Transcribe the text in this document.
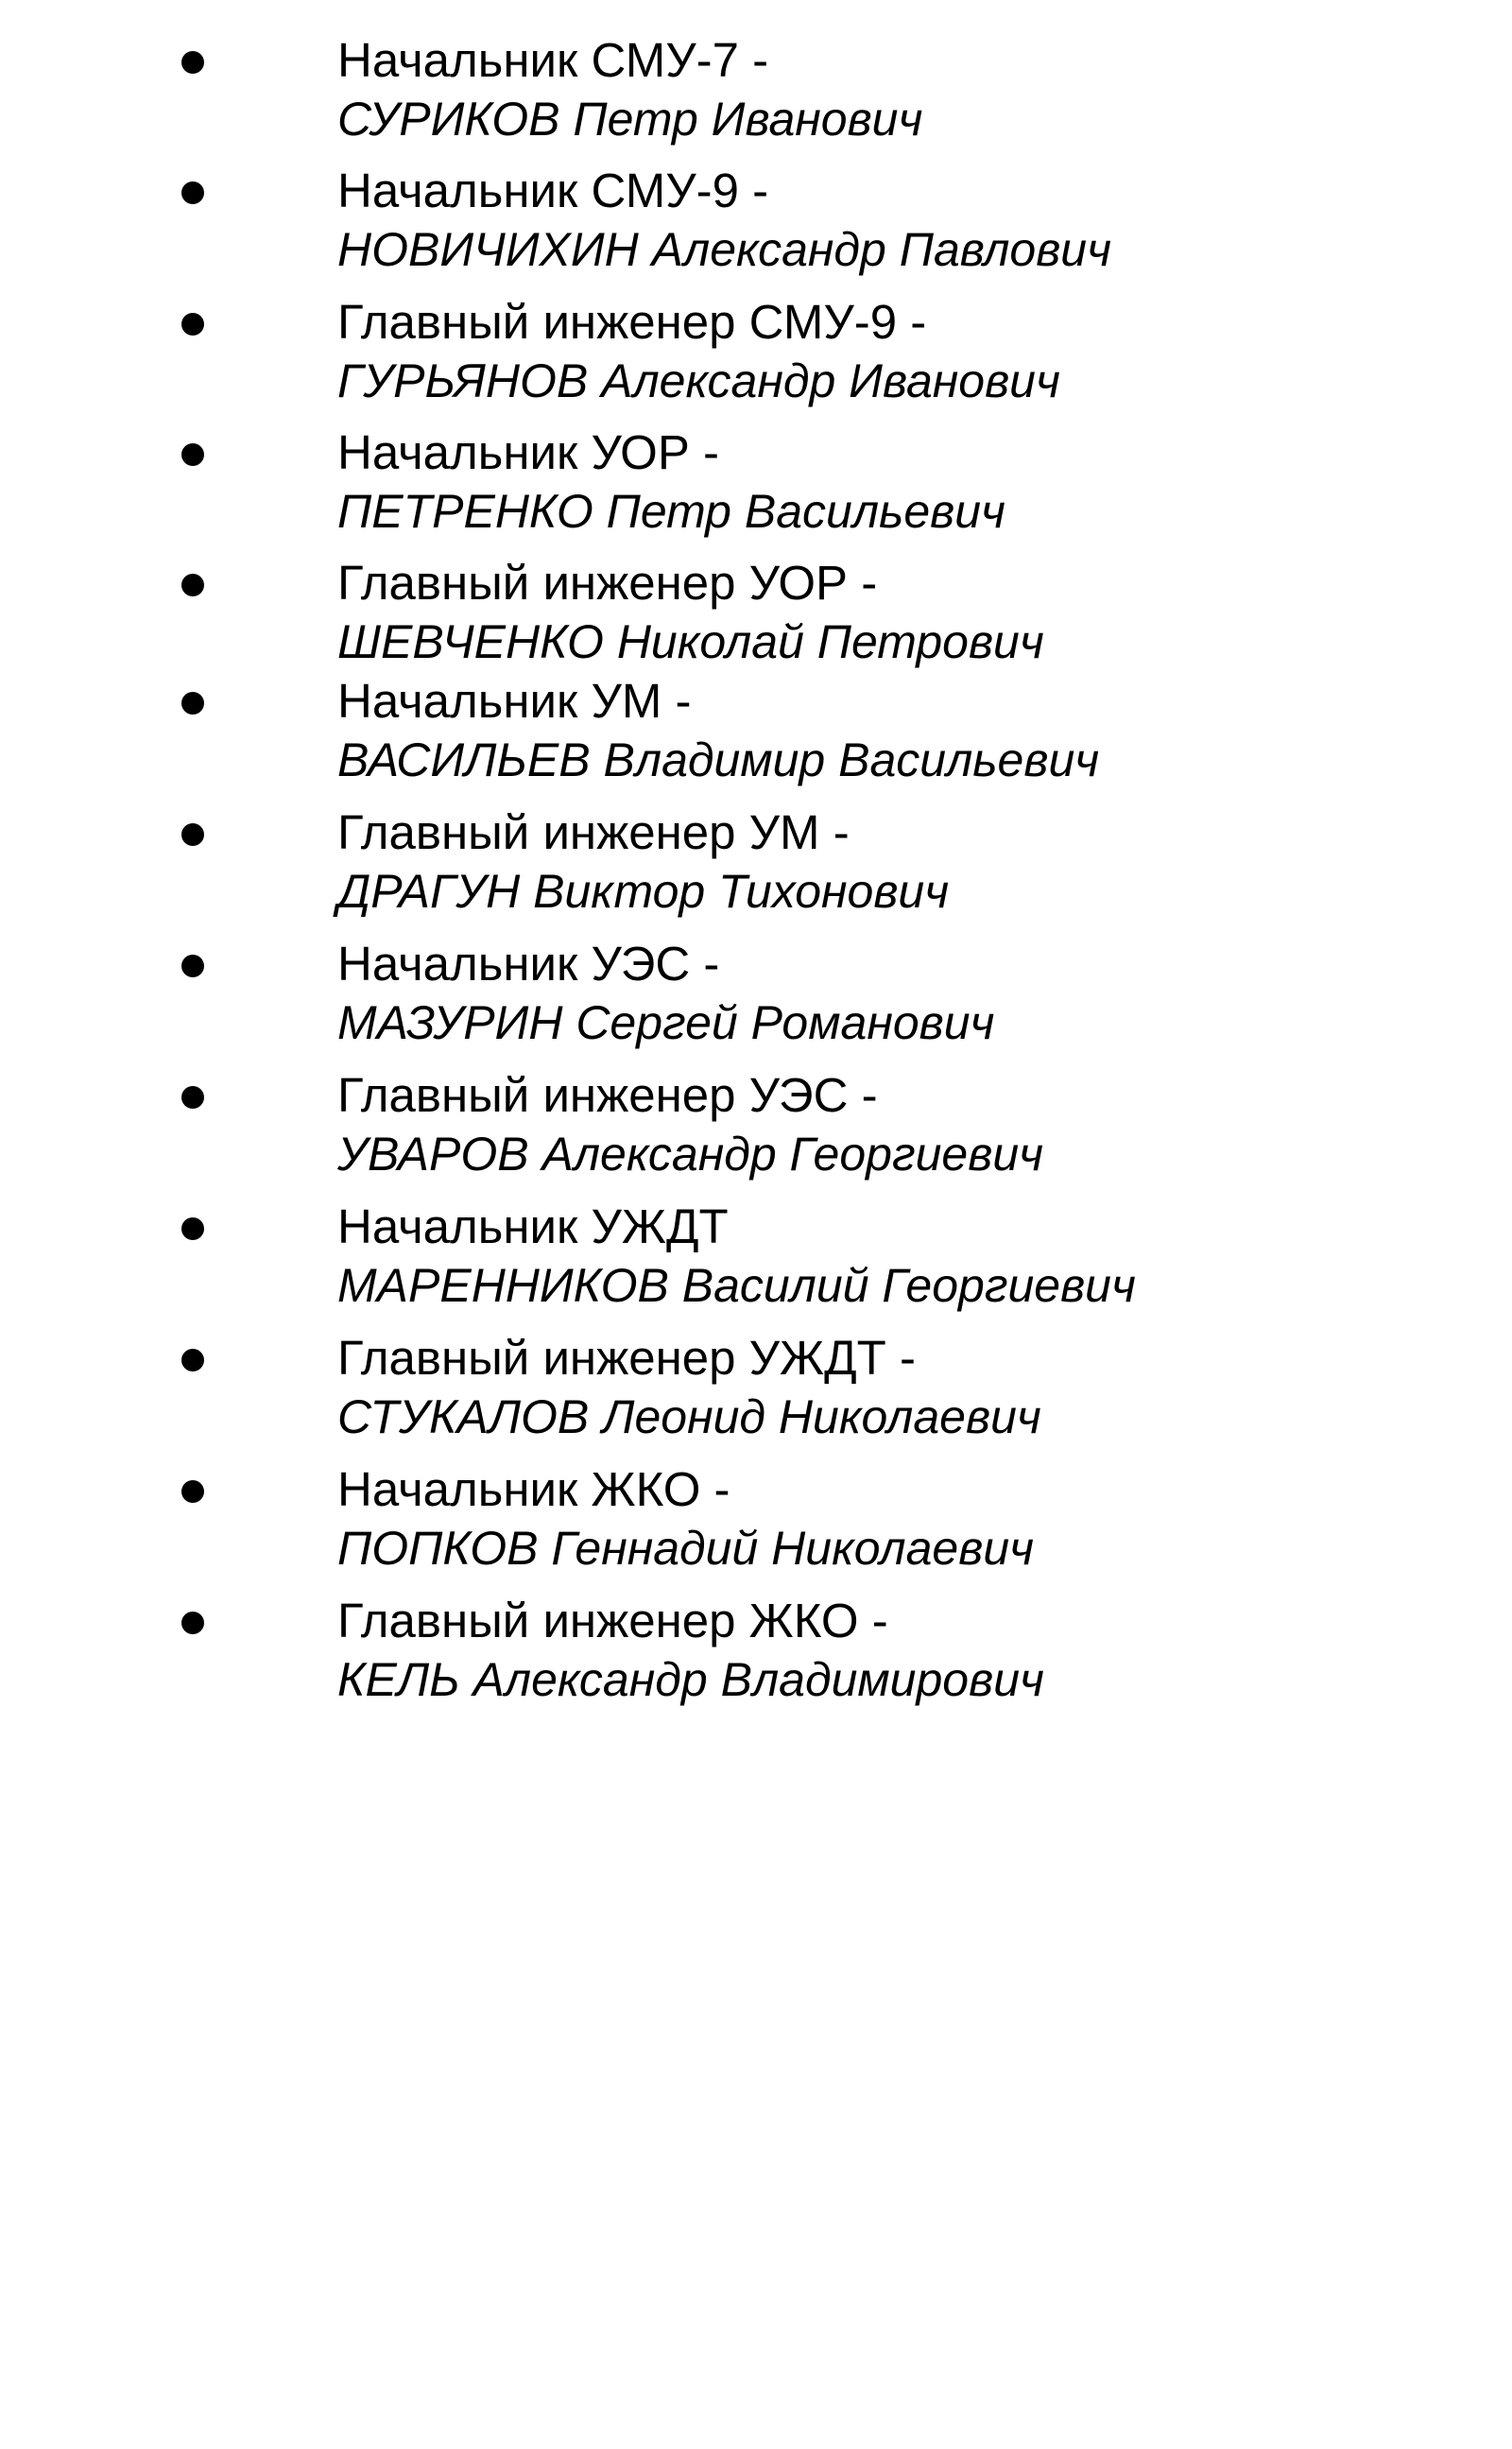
Начальник СМУ-7 -

СУРИКОВ Петр Иванович

Начальник СМУ-9 -

НОВИЧИХИН Александр Павлович

Главный инженер СМУ-9 -

ГУРЬЯНОВ Александр Иванович

Начальник УОР -

ПЕТРЕНКО Петр Васильевич

Главный инженер УОР -

ШЕВЧЕНКО Николай Петрович

Начальник УМ -

ВАСИЛЬЕВ Владимир Васильевич

Главный инженер УМ -

ДРАГУН Виктор Тихонович

Начальник УЭС -

МАЗУРИН Сергей Романович

Главный инженер УЭС -

УВАРОВ Александр Георгиевич

Начальник УЖДТ

МАРЕННИКОВ Василий Георгиевич

Главный инженер УЖДТ -

СТУКАЛОВ Леонид Николаевич

Начальник ЖКО -

ПОПКОВ Геннадий Николаевич

Главный инженер ЖКО -

КЕЛЬ Александр Владимирович
